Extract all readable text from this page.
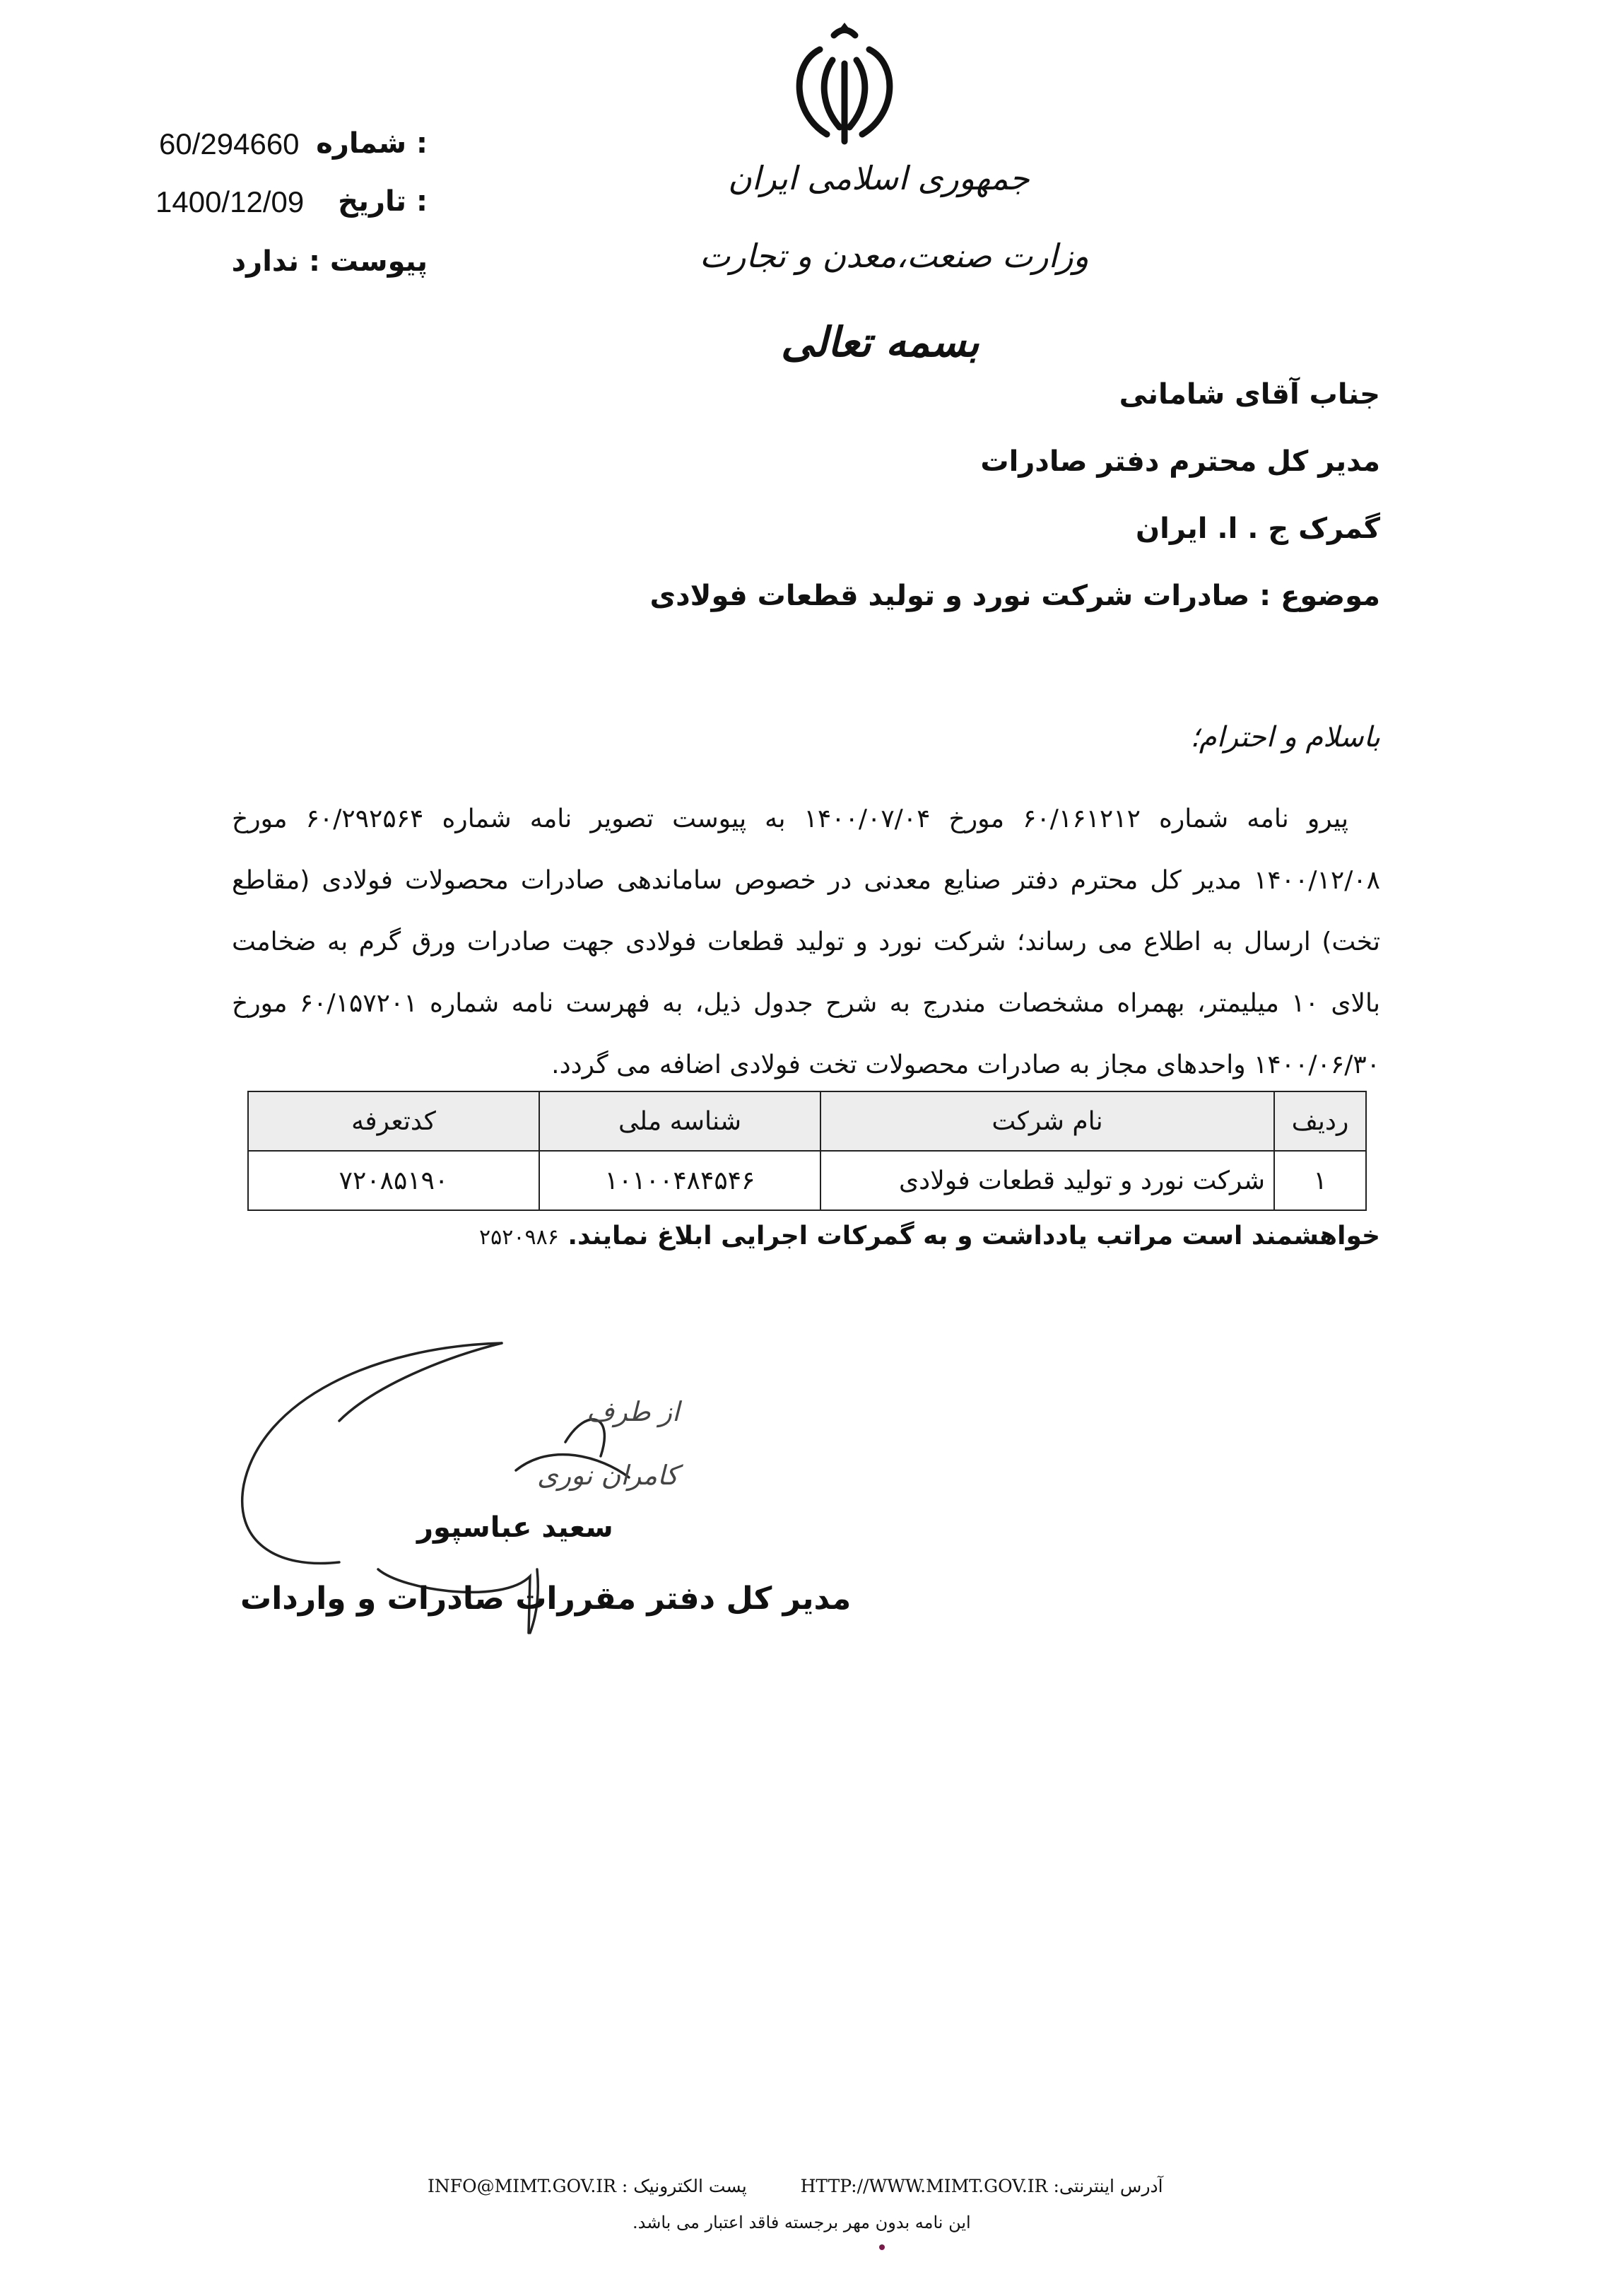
60/294660 شماره :
1400/12/09 تاریخ :
پیوست : ندارد
جمهوری اسلامی ایران
وزارت صنعت،معدن و تجارت
بسمه تعالی
جناب آقای شامانی
مدیر کل محترم دفتر صادرات
گمرک ج . ا. ایران
موضوع : صادرات شرکت نورد و تولید قطعات فولادی
باسلام و احترام؛
پیرو نامه شماره ۶۰/۱۶۱۲۱۲ مورخ ۱۴۰۰/۰۷/۰۴ به پیوست تصویر نامه شماره ۶۰/۲۹۲۵۶۴ مورخ ۱۴۰۰/۱۲/۰۸ مدیر کل محترم دفتر صنایع معدنی در خصوص ساماندهی صادرات محصولات فولادی (مقاطع تخت) ارسال به اطلاع می رساند؛ شرکت نورد و تولید قطعات فولادی جهت صادرات ورق گرم به ضخامت بالای ۱۰ میلیمتر، بهمراه مشخصات مندرج به شرح جدول ذیل، به فهرست نامه شماره ۶۰/۱۵۷۲۰۱ مورخ ۱۴۰۰/۰۶/۳۰ واحدهای مجاز به صادرات محصولات تخت فولادی اضافه می گردد.
ردیف	نام شرکت	شناسه ملی	کدتعرفه
۱	شرکت نورد و تولید قطعات فولادی	۱۰۱۰۰۴۸۴۵۴۶	۷۲۰۸۵۱۹۰
خواهشمند است مراتب یادداشت و به گمرکات اجرایی ابلاغ نمایند. ۲۵۲۰۹۸۶
از طرف
کامران نوری
سعید عباسپور
مدیر کل دفتر مقررات صادرات و واردات
آدرس اینترنتی: HTTP://WWW.MIMT.GOV.IR  پست الکترونیک : INFO@MIMT.GOV.IR
این نامه بدون مهر برجسته فاقد اعتبار می باشد.
